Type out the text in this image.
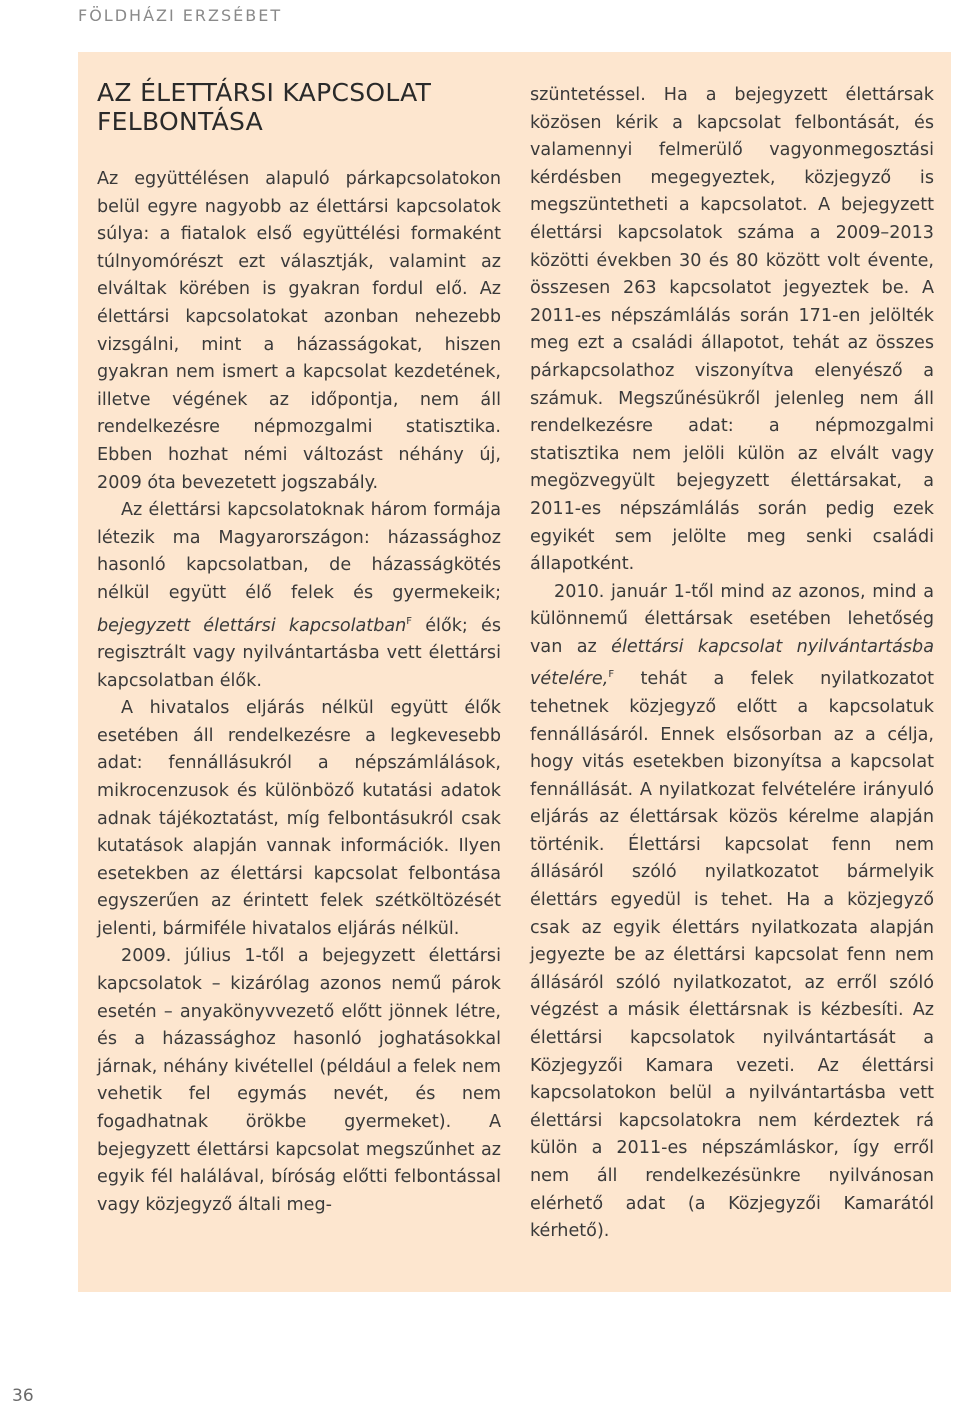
FÖLDHÁZI ERZSÉBET
AZ ÉLETTÁRSI KAPCSOLAT
FELBONTÁSA

Az együttélésen alapuló párkapcsolatokon belül egyre nagyobb az élettársi kapcsolatok súlya: a fiatalok első együttélési formaként túlnyomórészt ezt választják, valamint az elváltak körében is gyakran fordul elő. Az élettársi kapcsolatokat azonban nehezebb vizsgálni, mint a házasságokat, hiszen gyakran nem ismert a kapcsolat kezdetének, illetve végének az időpontja, nem áll rendelkezésre népmozgalmi statisztika. Ebben hozhat némi változást néhány új, 2009 óta bevezetett jogszabály.

Az élettársi kapcsolatoknak három formája létezik ma Magyarországon: házassághoz hasonló kapcsolatban, de házasságkötés nélkül együtt élő felek és gyermekeik; bejegyzett élettársi kapcsolatban$^F$ élők; és regisztrált vagy nyilvántartásba vett élettársi kapcsolatban élők.

A hivatalos eljárás nélkül együtt élők esetében áll rendelkezésre a legkevesebb adat: fennállásukról a népszámlálások, mikrocenzusok és különböző kutatási adatok adnak tájékoztatást, míg felbontásukról csak kutatások alapján vannak információk. Ilyen esetekben az élettársi kapcsolat felbontása egyszerűen az érintett felek szétköltözését jelenti, bármiféle hivatalos eljárás nélkül.

2009. július 1-től a bejegyzett élettársi kapcsolatok – kizárólag azonos nemű párok esetén – anyakönyvvezető előtt jönnek létre, és a házassághoz hasonló joghatásokkal járnak, néhány kivétellel (például a felek nem vehetik fel egymás nevét, és nem fogadhatnak örökbe gyermeket). A bejegyzett élettársi kapcsolat megszűnhet az egyik fél halálával, bíróság előtti felbontással vagy közjegyző általi meg-

szüntetéssel. Ha a bejegyzett élettársak közösen kérik a kapcsolat felbontását, és valamennyi felmerülő vagyonmegosztási kérdésben megegyeztek, közjegyző is megszüntetheti a kapcsolatot. A bejegyzett élettársi kapcsolatok száma a 2009–2013 közötti években 30 és 80 között volt évente, összesen 263 kapcsolatot jegyeztek be. A 2011-es népszámlálás során 171-en jelölték meg ezt a családi állapotot, tehát az összes párkapcsolathoz viszonyítva elenyésző a számuk. Megszűnésükről jelenleg nem áll rendelkezésre adat: a népmozgalmi statisztika nem jelöli külön az elvált vagy megözvegyült bejegyzett élettársakat, a 2011-es népszámlálás során pedig ezek egyikét sem jelölte meg senki családi állapotként.

2010. január 1-től mind az azonos, mind a különnemű élettársak esetében lehetőség van az élettársi kapcsolat nyilvántartásba vételére,$^F$ tehát a felek nyilatkozatot tehetnek közjegyző előtt a kapcsolatuk fennállásáról. Ennek elsősorban az a célja, hogy vitás esetekben bizonyítsa a kapcsolat fennállását. A nyilatkozat felvételére irányuló eljárás az élettársak közös kérelme alapján történik. Élettársi kapcsolat fenn nem állásáról szóló nyilatkozatot bármelyik élettárs egyedül is tehet. Ha a közjegyző csak az egyik élettárs nyilatkozata alapján jegyezte be az élettársi kapcsolat fenn nem állásáról szóló nyilatkozatot, az erről szóló végzést a másik élettársnak is kézbesíti. Az élettársi kapcsolatok nyilvántartását a Közjegyzői Kamara vezeti. Az élettársi kapcsolatokon belül a nyilvántartásba vett élettársi kapcsolatokra nem kérdeztek rá külön a 2011-es népszámláskor, így erről nem áll rendelkezésünkre nyilvánosan elérhető adat (a Közjegyzői Kamarától kérhető).

36
